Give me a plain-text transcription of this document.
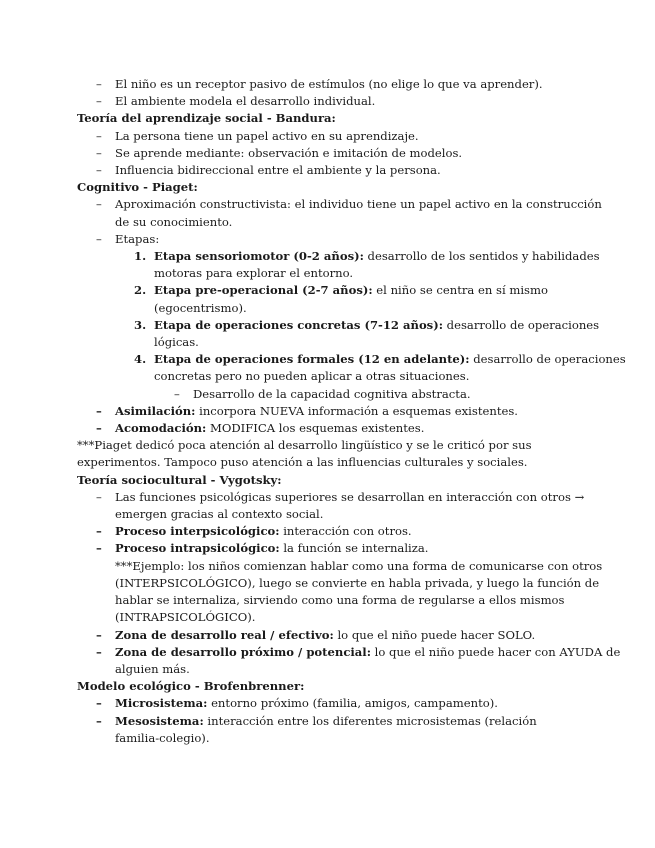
–	El niño es un receptor pasivo de estímulos (no elige lo que va aprender).
–	El ambiente modela el desarrollo individual.
Teoría del aprendizaje social - Bandura:
–	La persona tiene un papel activo en su aprendizaje.
–	Se aprende mediante: observación e imitación de modelos.
–	Influencia bidireccional entre el ambiente y la persona.
Cognitivo - Piaget:
–	Aproximación constructivista: el individuo tiene un papel activo en la construcción
de su conocimiento.
–	Etapas:
1. Etapa sensoriomotor (0-2 años): desarrollo de los sentidos y habilidades
motoras para explorar el entorno.
2. Etapa pre-operacional (2-7 años): el niño se centra en sí mismo
(egocentrismo).
3. Etapa de operaciones concretas (7-12 años): desarrollo de operaciones
lógicas.
4. Etapa de operaciones formales (12 en adelante): desarrollo de operaciones
concretas pero no pueden aplicar a otras situaciones.
– Desarrollo de la capacidad cognitiva abstracta.
–	Asimilación: incorpora NUEVA información a esquemas existentes.
–	Acomodación: MODIFICA los esquemas existentes.
***Piaget dedicó poca atención al desarrollo lingüístico y se le criticó por sus
experimentos. Tampoco puso atención a las influencias culturales y sociales.
Teoría sociocultural - Vygotsky:
–	Las funciones psicológicas superiores se desarrollan en interacción con otros →
emergen gracias al contexto social.
–	Proceso interpsicológico: interacción con otros.
–	Proceso intrapsicológico: la función se internaliza.
***Ejemplo: los niños comienzan hablar como una forma de comunicarse con otros
(INTERPSICOLÓGICO), luego se convierte en habla privada, y luego la función de
hablar se internaliza, sirviendo como una forma de regularse a ellos mismos
(INTRAPSICOLÓGICO).
–	Zona de desarrollo real / efectivo: lo que el niño puede hacer SOLO.
–	Zona de desarrollo próximo / potencial: lo que el niño puede hacer con AYUDA de
alguien más.
Modelo ecológico - Brofenbrenner:
–	Microsistema: entorno próximo (familia, amigos, campamento).
–	Mesosistema: interacción entre los diferentes microsistemas (relación
familia-colegio).
